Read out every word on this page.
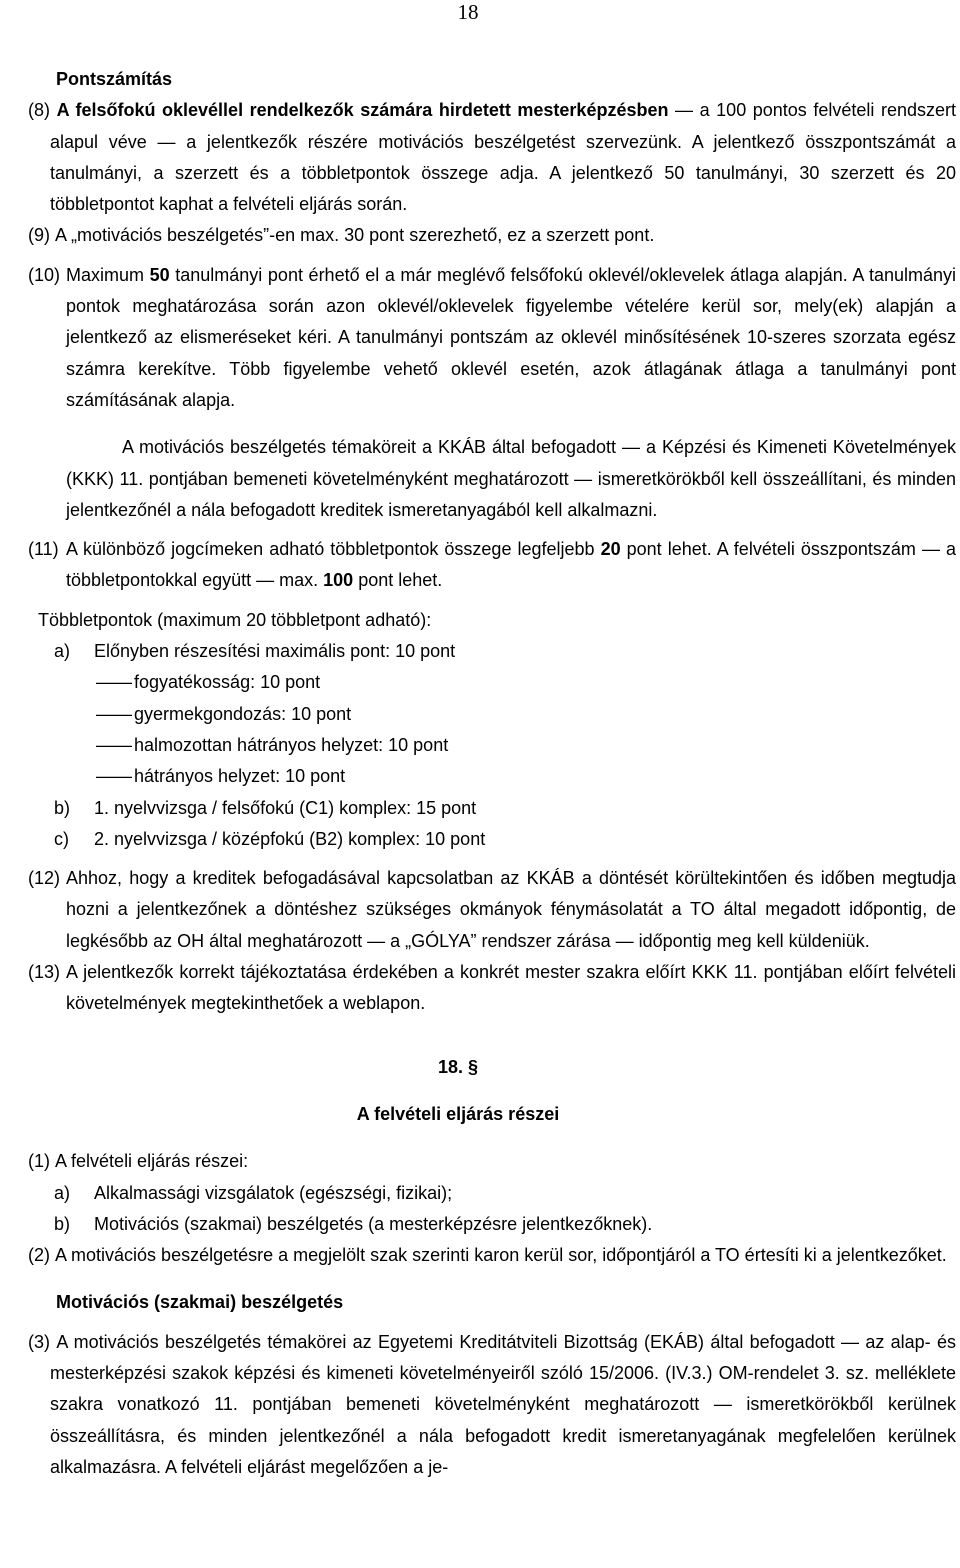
18
Pontszámítás
(8) A felsőfokú oklevéllel rendelkezők számára hirdetett mesterképzésben — a 100 pontos felvételi rendszert alapul véve — a jelentkezők részére motivációs beszélgetést szervezünk. A jelentkező összpontszámát a tanulmányi, a szerzett és a többletpontok összege adja. A jelentkező 50 tanulmányi, 30 szerzett és 20 többletpontot kaphat a felvételi eljárás során.
(9) A „motivációs beszélgetés”-en max. 30 pont szerezhető, ez a szerzett pont.
(10) Maximum 50 tanulmányi pont érhető el a már meglévő felsőfokú oklevél/oklevelek átlaga alapján. A tanulmányi pontok meghatározása során azon oklevél/oklevelek figyelembe vételére kerül sor, mely(ek) alapján a jelentkező az elismeréseket kéri. A tanulmányi pontszám az oklevél minősítésének 10-szeres szorzata egész számra kerekítve. Több figyelembe vehető oklevél esetén, azok átlagának átlaga a tanulmányi pont számításának alapja.
A motivációs beszélgetés témaköreit a KKÁB által befogadott — a Képzési és Kimeneti Követelmények (KKK) 11. pontjában bemeneti követelményként meghatározott — ismeretkörökből kell összeállítani, és minden jelentkezőnél a nála befogadott kreditek ismeretanyagából kell alkalmazni.
(11) A különböző jogcímeken adható többletpontok összege legfeljebb 20 pont lehet. A felvételi összpontszám — a többletpontokkal együtt — max. 100 pont lehet.
Többletpontok (maximum 20 többletpont adható):
a)	Előnyben részesítési maximális pont: 10 pont
—— fogyatékosság: 10 pont
—— gyermekgondozás: 10 pont
—— halmozottan hátrányos helyzet: 10 pont
—— hátrányos helyzet: 10 pont
b)	1. nyelvvizsga / felsőfokú (C1) komplex: 15 pont
c)	2. nyelvvizsga / középfokú (B2) komplex: 10 pont
(12) Ahhoz, hogy a kreditek befogadásával kapcsolatban az KKÁB a döntését körültekintően és időben megtudja hozni a jelentkezőnek a döntéshez szükséges okmányok fénymásolatát a TO által megadott időpontig, de legkésőbb az OH által meghatározott — a „GÓLYA” rendszer zárása — időpontig meg kell küldeniük.
(13) A jelentkezők korrekt tájékoztatása érdekében a konkrét mester szakra előírt KKK 11. pontjában előírt felvételi követelmények megtekinthetőek a weblapon.
18. §
A felvételi eljárás részei
(1) A felvételi eljárás részei:
a)	Alkalmassági vizsgálatok (egészségi, fizikai);
b)	Motivációs (szakmai) beszélgetés (a mesterképzésre jelentkezőknek).
(2) A motivációs beszélgetésre a megjelölt szak szerinti karon kerül sor, időpontjáról a TO értesíti ki a jelentkezőket.
Motivációs (szakmai) beszélgetés
(3) A motivációs beszélgetés témakörei az Egyetemi Kreditátviteli Bizottság (EKÁB) által befogadott — az alap- és mesterképzési szakok képzési és kimeneti követelményeiről szóló 15/2006. (IV.3.) OM-rendelet 3. sz. melléklete szakra vonatkozó 11. pontjában bemeneti követelményként meghatározott — ismeretkörökből kerülnek összeállításra, és minden jelentkezőnél a nála befogadott kredit ismeretanyagának megfelelően kerülnek alkalmazásra. A felvételi eljárást megelőzően a je-
